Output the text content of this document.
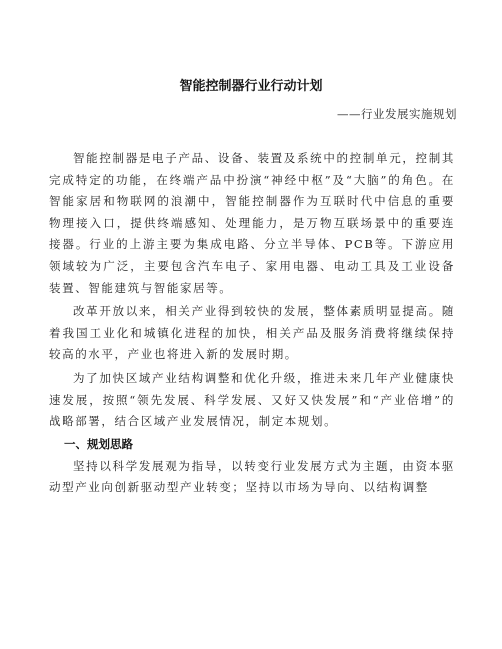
智能控制器行业行动计划
——行业发展实施规划

智能控制器是电子产品、设备、装置及系统中的控制单元，控制其完成特定的功能，在终端产品中扮演“神经中枢”及“大脑”的角色。在智能家居和物联网的浪潮中，智能控制器作为互联时代中信息的重要物理接入口，提供终端感知、处理能力，是万物互联场景中的重要连接器。行业的上游主要为集成电路、分立半导体、PCB等。下游应用领域较为广泛，主要包含汽车电子、家用电器、电动工具及工业设备装置、智能建筑与智能家居等。

改革开放以来，相关产业得到较快的发展，整体素质明显提高。随着我国工业化和城镇化进程的加快，相关产品及服务消费将继续保持较高的水平，产业也将进入新的发展时期。

为了加快区域产业结构调整和优化升级，推进未来几年产业健康快速发展，按照“领先发展、科学发展、又好又快发展”和“产业倍增”的战略部署，结合区域产业发展情况，制定本规划。

一、规划思路

坚持以科学发展观为指导，以转变行业发展方式为主题，由资本驱动型产业向创新驱动型产业转变；坚持以市场为导向、以结构调整
